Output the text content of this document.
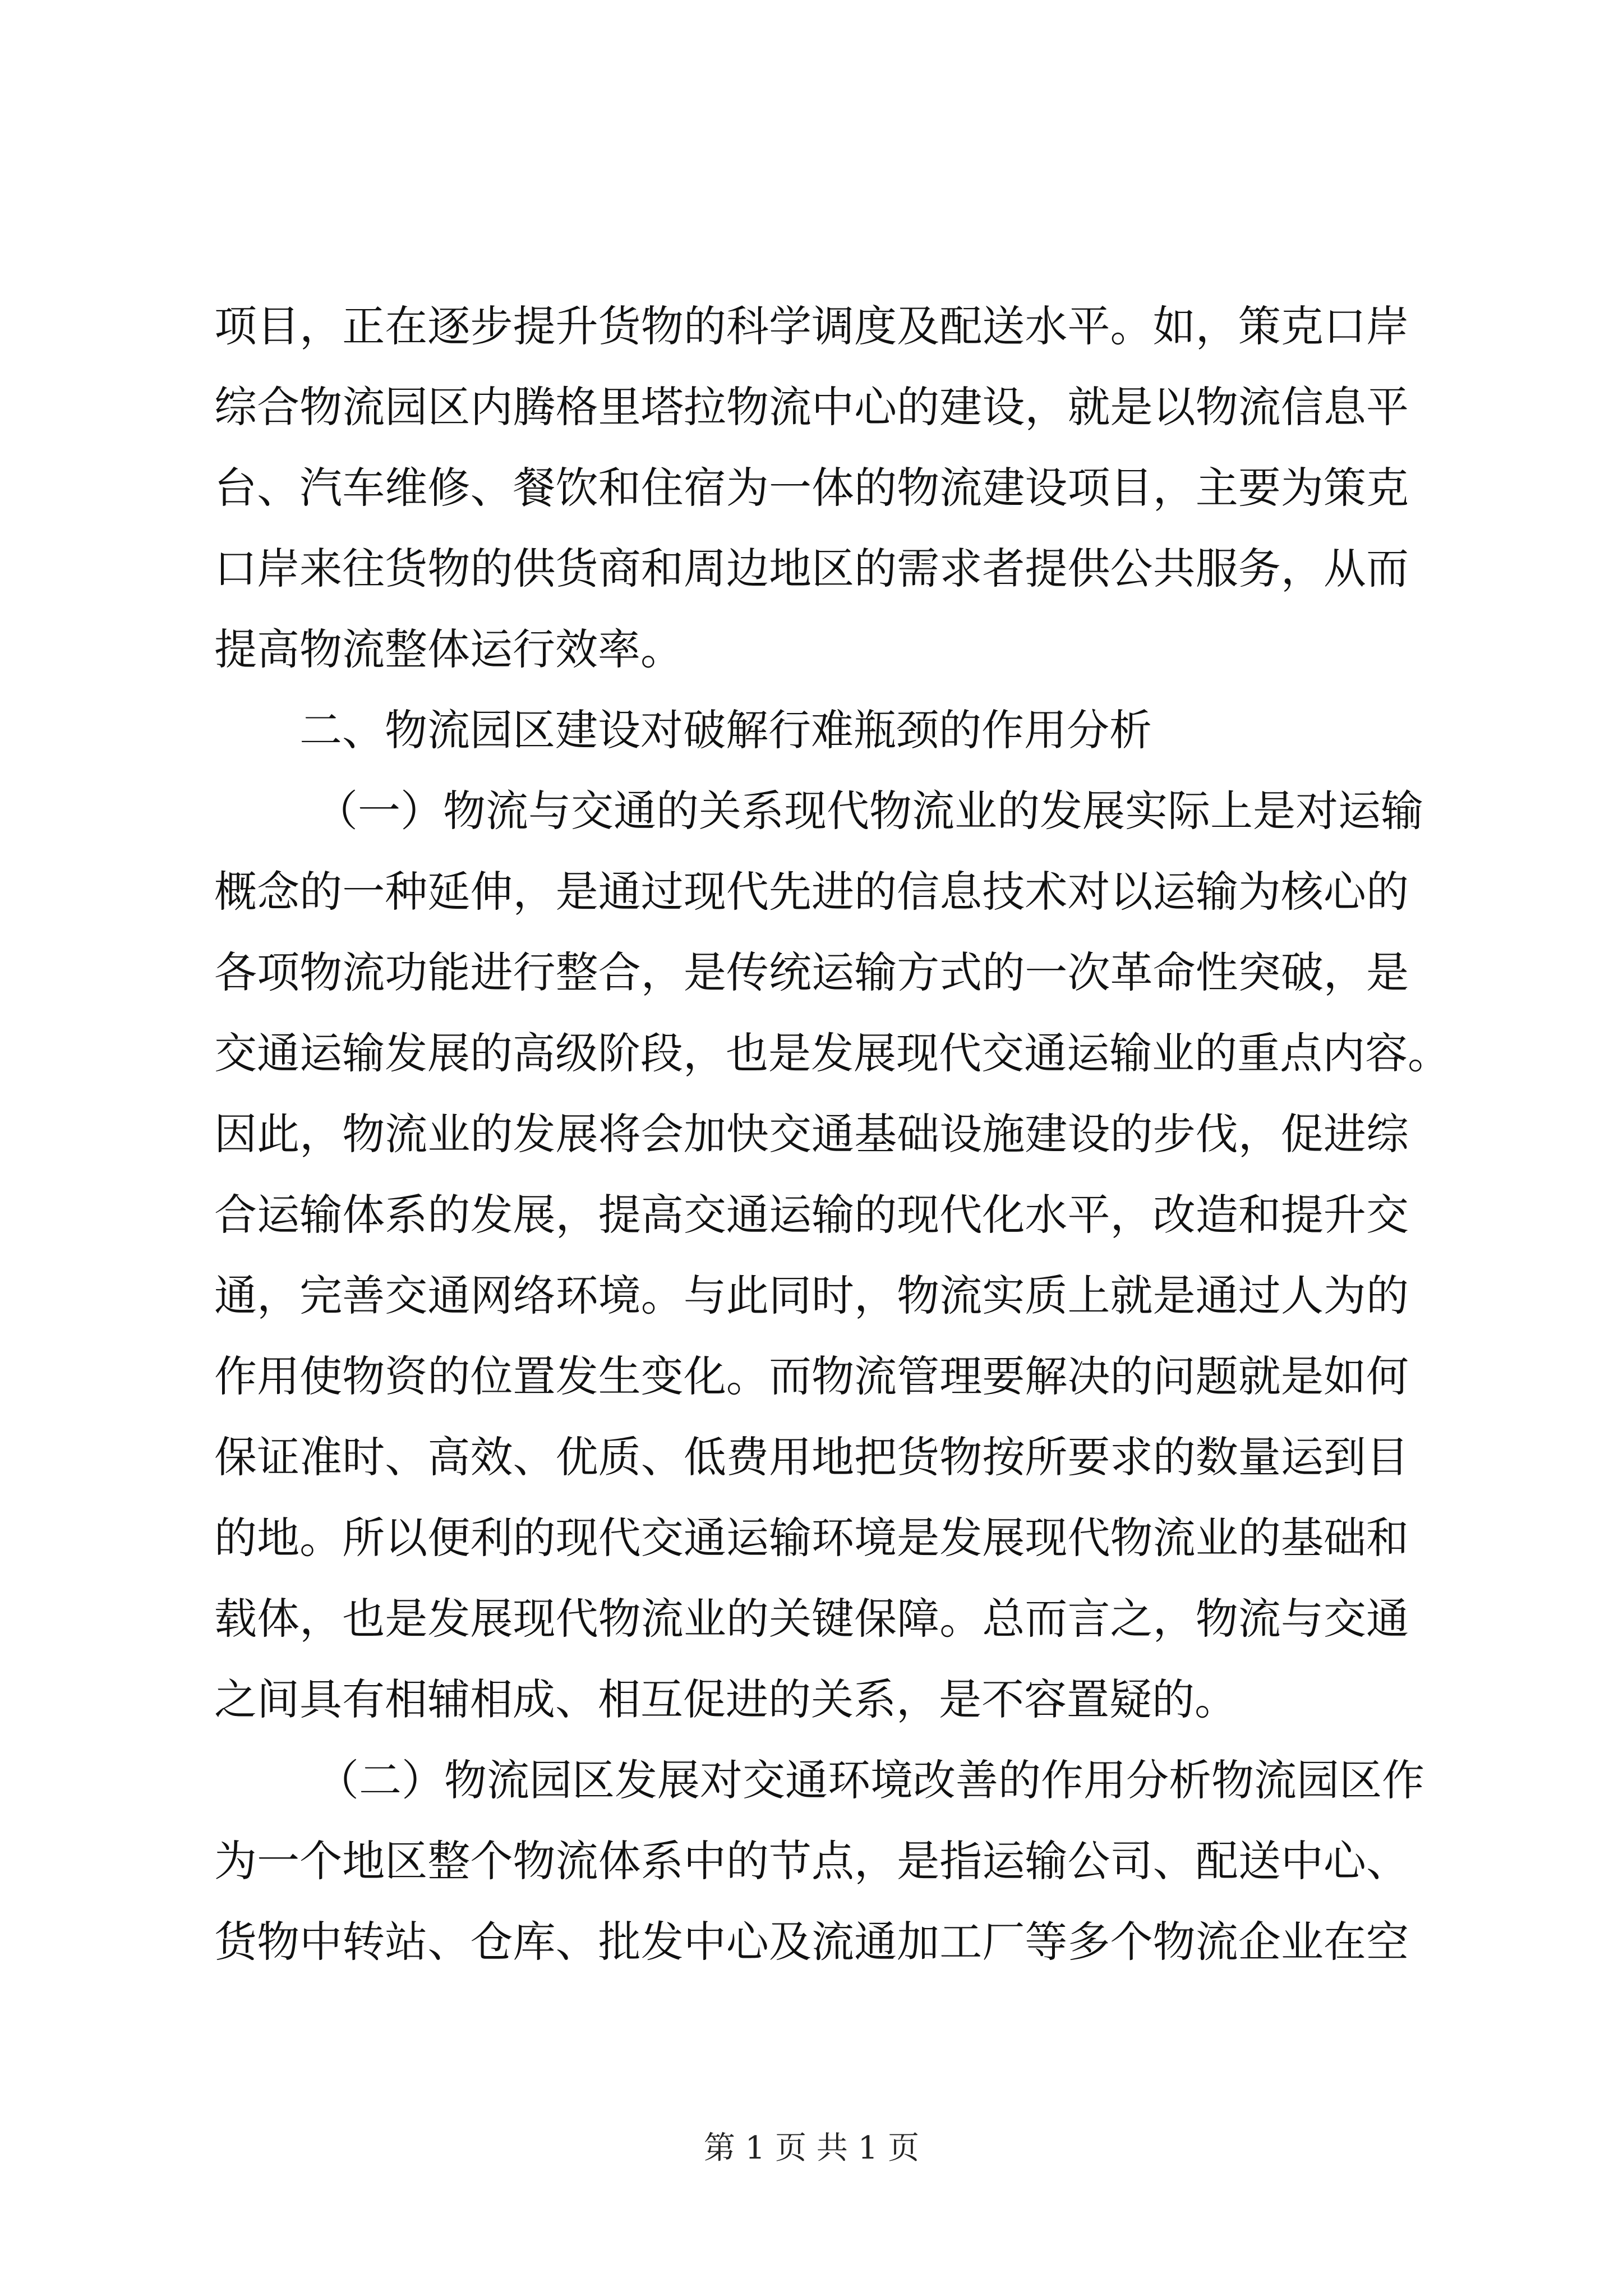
项目，正在逐步提升货物的科学调度及配送水平。如，策克口岸
综合物流园区内腾格里塔拉物流中心的建设，就是以物流信息平
台、汽车维修、餐饮和住宿为一体的物流建设项目，主要为策克
口岸来往货物的供货商和周边地区的需求者提供公共服务，从而
提高物流整体运行效率。
二、物流园区建设对破解行难瓶颈的作用分析
（一）物流与交通的关系现代物流业的发展实际上是对运输
概念的一种延伸，是通过现代先进的信息技术对以运输为核心的
各项物流功能进行整合，是传统运输方式的一次革命性突破，是
交通运输发展的高级阶段，也是发展现代交通运输业的重点内容。
因此，物流业的发展将会加快交通基础设施建设的步伐，促进综
合运输体系的发展，提高交通运输的现代化水平，改造和提升交
通，完善交通网络环境。与此同时，物流实质上就是通过人为的
作用使物资的位置发生变化。而物流管理要解决的问题就是如何
保证准时、高效、优质、低费用地把货物按所要求的数量运到目
的地。所以便利的现代交通运输环境是发展现代物流业的基础和
载体，也是发展现代物流业的关键保障。总而言之，物流与交通
之间具有相辅相成、相互促进的关系，是不容置疑的。
（二）物流园区发展对交通环境改善的作用分析物流园区作
为一个地区整个物流体系中的节点，是指运输公司、配送中心、
货物中转站、仓库、批发中心及流通加工厂等多个物流企业在空
第 1 页 共 1 页
